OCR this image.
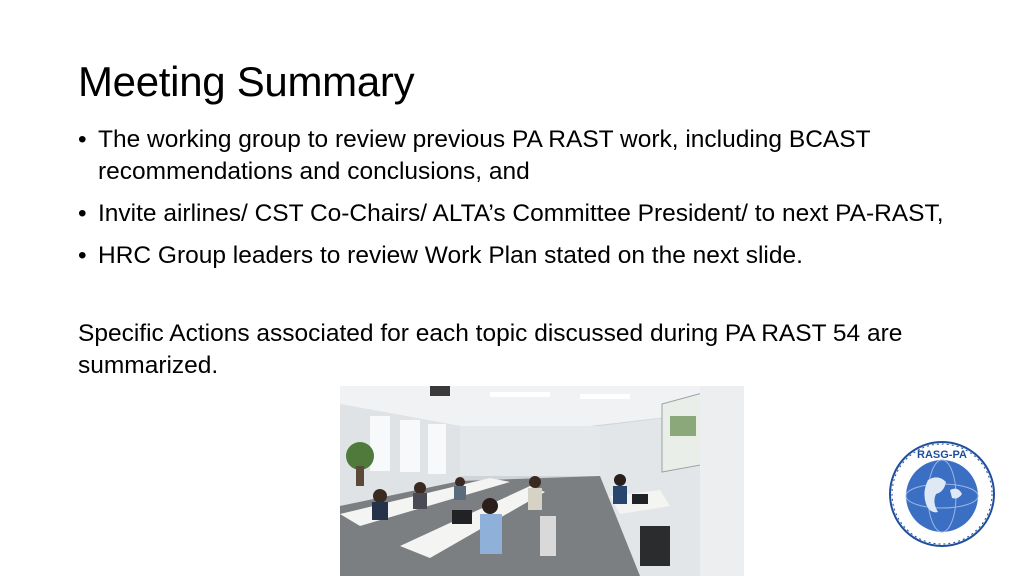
Meeting Summary
• The working group to review previous PA RAST work, including BCAST recommendations and conclusions, and
• Invite airlines/ CST Co-Chairs/ ALTA’s Committee President/ to next PA-RAST,
• HRC Group leaders to review Work Plan stated on the next slide.
Specific Actions associated for each topic discussed during PA RAST 54 are summarized.
RASG-PA
